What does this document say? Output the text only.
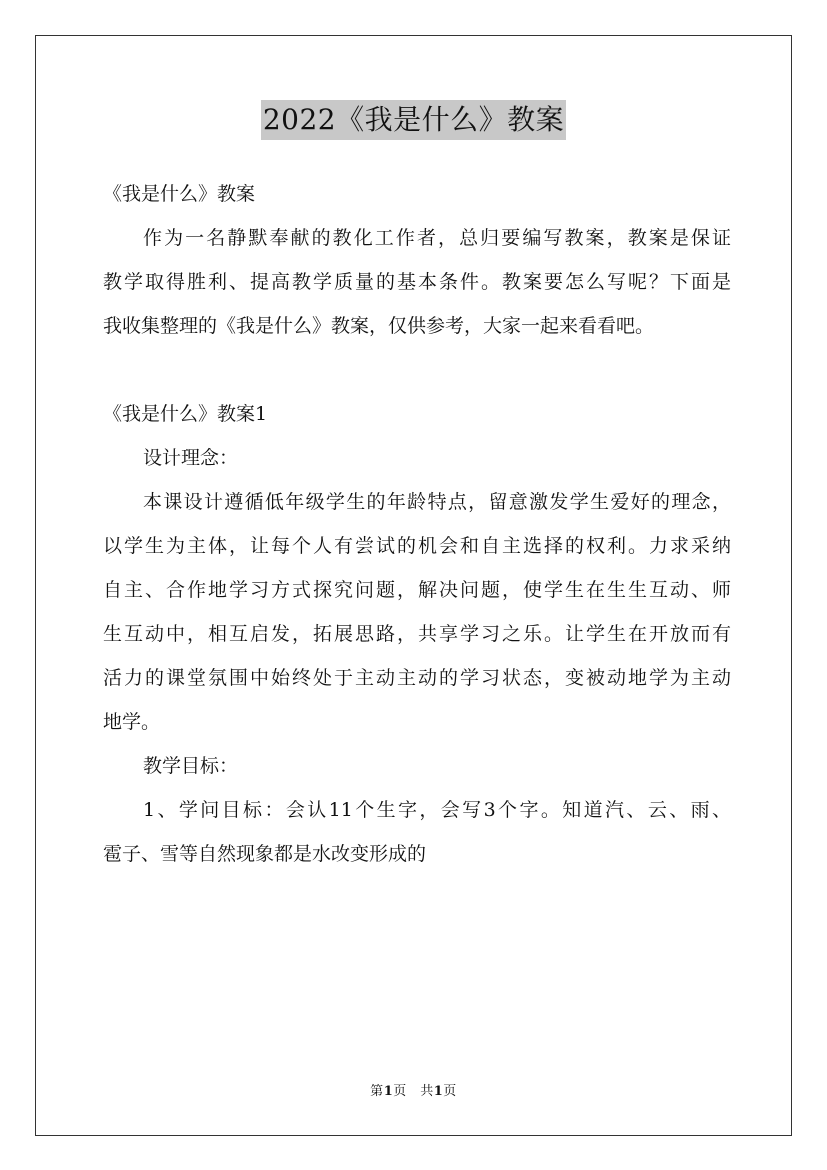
2022《我是什么》教案
《我是什么》教案
作为一名静默奉献的教化工作者，总归要编写教案，教案是保证
教学取得胜利、提高教学质量的基本条件。教案要怎么写呢？下面是
我收集整理的《我是什么》教案，仅供参考，大家一起来看看吧。
《我是什么》教案1
设计理念：
本课设计遵循低年级学生的年龄特点，留意激发学生爱好的理念，
以学生为主体，让每个人有尝试的机会和自主选择的权利。力求采纳
自主、合作地学习方式探究问题，解决问题，使学生在生生互动、师
生互动中，相互启发，拓展思路，共享学习之乐。让学生在开放而有
活力的课堂氛围中始终处于主动主动的学习状态，变被动地学为主动
地学。
教学目标：
1、学问目标：会认11个生字，会写3个字。知道汽、云、雨、
雹子、雪等自然现象都是水改变形成的
第1页　共1页
